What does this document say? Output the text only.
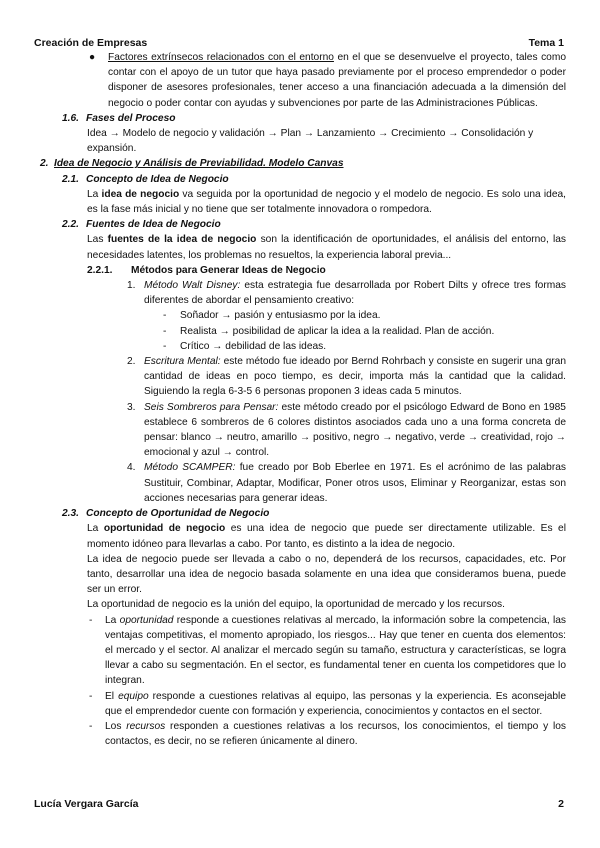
Creación de Empresas	Tema 1

● Factores extrínsecos relacionados con el entorno en el que se desenvuelve el proyecto, tales como contar con el apoyo de un tutor que haya pasado previamente por el proceso emprendedor o poder disponer de asesores profesionales, tener acceso a una financiación adecuada a la dimensión del negocio o poder contar con ayudas y subvenciones por parte de las Administraciones Públicas.

1.6. Fases del Proceso

Idea → Modelo de negocio y validación → Plan → Lanzamiento → Crecimiento → Consolidación y expansión.

2. Idea de Negocio y Análisis de Previabilidad. Modelo Canvas

2.1. Concepto de Idea de Negocio

La idea de negocio va seguida por la oportunidad de negocio y el modelo de negocio. Es solo una idea, es la fase más inicial y no tiene que ser totalmente innovadora o rompedora.

2.2. Fuentes de Idea de Negocio

Las fuentes de la idea de negocio son la identificación de oportunidades, el análisis del entorno, las necesidades latentes, los problemas no resueltos, la experiencia laboral previa...

2.2.1. Métodos para Generar Ideas de Negocio

1. Método Walt Disney: esta estrategia fue desarrollada por Robert Dilts y ofrece tres formas diferentes de abordar el pensamiento creativo:

- Soñador → pasión y entusiasmo por la idea.

- Realista → posibilidad de aplicar la idea a la realidad. Plan de acción.

- Crítico → debilidad de las ideas.

2. Escritura Mental: este método fue ideado por Bernd Rohrbach y consiste en sugerir una gran cantidad de ideas en poco tiempo, es decir, importa más la cantidad que la calidad. Siguiendo la regla 6-3-5 6 personas proponen 3 ideas cada 5 minutos.

3. Seis Sombreros para Pensar: este método creado por el psicólogo Edward de Bono en 1985 establece 6 sombreros de 6 colores distintos asociados cada uno a una forma concreta de pensar: blanco → neutro, amarillo → positivo, negro → negativo, verde → creatividad, rojo → emocional y azul → control.

4. Método SCAMPER: fue creado por Bob Eberlee en 1971. Es el acrónimo de las palabras Sustituir, Combinar, Adaptar, Modificar, Poner otros usos, Eliminar y Reorganizar, estas son acciones necesarias para generar ideas.

2.3. Concepto de Oportunidad de Negocio

La oportunidad de negocio es una idea de negocio que puede ser directamente utilizable. Es el momento idóneo para llevarlas a cabo. Por tanto, es distinto a la idea de negocio.

La idea de negocio puede ser llevada a cabo o no, dependerá de los recursos, capacidades, etc. Por tanto, desarrollar una idea de negocio basada solamente en una idea que consideramos buena, puede ser un error.

La oportunidad de negocio es la unión del equipo, la oportunidad de mercado y los recursos.

- La oportunidad responde a cuestiones relativas al mercado, la información sobre la competencia, las ventajas competitivas, el momento apropiado, los riesgos... Hay que tener en cuenta dos elementos: el mercado y el sector. Al analizar el mercado según su tamaño, estructura y características, se logra llevar a cabo su segmentación. En el sector, es fundamental tener en cuenta los competidores que lo integran.

- El equipo responde a cuestiones relativas al equipo, las personas y la experiencia. Es aconsejable que el emprendedor cuente con formación y experiencia, conocimientos y contactos en el sector.

- Los recursos responden a cuestiones relativas a los recursos, los conocimientos, el tiempo y los contactos, es decir, no se refieren únicamente al dinero.

Lucía Vergara García	2
